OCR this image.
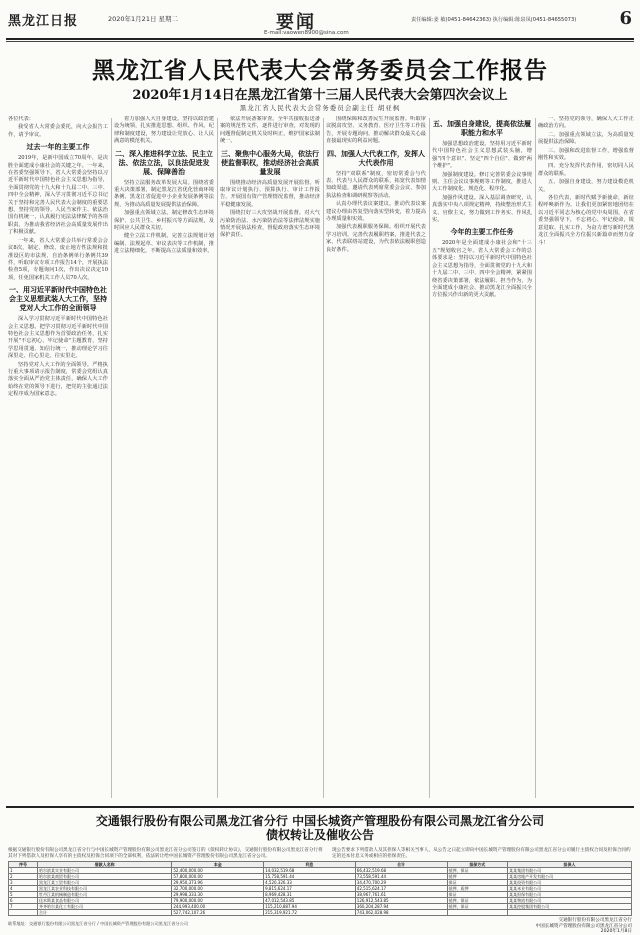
黑龙江日报	2020年1月21日 星期二	要闻
E-mail:vaowen8900@sina.com
责任编辑:姜 敏(0451-84642363) 执行编辑:陈泉凤(0451-84655073)	6
黑龙江省人民代表大会常务委员会工作报告
2020年1月14日在黑龙江省第十三届人民代表大会第四次会议上
黑龙江省人民代表大会常务委员会副主任 胡亚枫

各位代表：

我受省人大常委会委托，向大会报告工作，请予审议。

过去一年的主要工作

2019年，是新中国成立70周年，是决胜全面建成小康社会的关键之年。一年来，在省委坚强领导下，省人大常委会坚持以习近平新时代中国特色社会主义思想为指导，全面贯彻党的十九大和十九届二中、三中、四中全会精神，深入学习贯彻习近平总书记关于坚持和完善人民代表大会制度的重要思想，坚持党的领导、人民当家作主、依法治国有机统一，认真履行宪法法律赋予的各项职责，为推动我省经济社会高质量发展作出了积极贡献。

一年来，省人大常委会共举行常委会会议8次，制定、修改、废止地方性法规和批准设区的市法规、自治条例单行条例共39件，听取审议专项工作报告14个，开展执法检查5项，专题询问1次，作出决议决定10项，任免国家机关工作人员70人次。

一、用习近平新时代中国特色社会主义思想武装人大工作，坚持党对人大工作的全面领导

深入学习贯彻习近平新时代中国特色社会主义思想。把学习贯彻习近平新时代中国特色社会主义思想作为首要政治任务，扎实开展"不忘初心、牢记使命"主题教育，坚持学思用贯通、知信行统一，推动理论学习往深里走、往心里走、往实里走。

坚持党对人大工作的全面领导。严格执行重大事项请示报告制度，常委会党组认真落实全面从严治党主体责任，确保人大工作始终在党的领导下进行，把党的主张通过法定程序成为国家意志。

着力加强人大自身建设。坚持以政治建设为统领，扎实推进思想、组织、作风、纪律和制度建设，努力建设让党放心、让人民满意的模范机关。

二、深入推进科学立法、民主立法、依法立法，以良法促进发展、保障善治

坚持立法服务改革发展大局。围绕省委重大决策部署，制定黑龙江省优化营商环境条例、黑龙江省促进中小企业发展条例等法规，为推动高质量发展提供法治保障。

加强重点领域立法。制定修改生态环境保护、公共卫生、乡村振兴等方面法规，及时回应人民群众关切。

健全立法工作机制。完善立法规划计划编制、法规起草、审议表决等工作机制，推进立法精细化，不断提高立法质量和效率。

依法开展备案审查。全年共接收报送备案的规范性文件，逐件进行审查，对发现的问题督促制定机关及时纠正，维护国家法制统一。

三、聚焦中心服务大局，依法行使监督职权，推动经济社会高质量发展

围绕推动经济高质量发展开展监督。听取审议计划执行、预算执行、审计工作报告，开展国有资产管理情况监督，推动经济平稳健康发展。

围绕打好三大攻坚战开展监督。对大气污染防治法、水污染防治法等法律法规实施情况开展执法检查，督促政府落实生态环境保护责任。

围绕保障和改善民生开展监督。听取审议脱贫攻坚、义务教育、医疗卫生等工作报告，开展专题询问，推动解决群众最关心最直接最现实的利益问题。

四、加强人大代表工作，发挥人大代表作用

坚持"双联系"制度，密切常委会与代表、代表与人民群众的联系，拓宽代表知情知政渠道，邀请代表列席常委会会议、参加执法检查和调研视察等活动。

认真办理代表议案建议。推动代表议案建议办理由答复型向落实型转变，着力提高办理质量和实效。

加强代表履职服务保障。组织开展代表学习培训，完善代表履职档案，推进代表之家、代表联络站建设，为代表依法履职创造良好条件。

五、加强自身建设，提高依法履职能力和水平

加强思想政治建设。坚持用习近平新时代中国特色社会主义思想武装头脑，增强"四个意识"、坚定"四个自信"、做到"两个维护"。

加强制度建设。修订完善常委会议事规则、主任会议议事规则等工作制度，推进人大工作制度化、规范化、程序化。

加强作风建设。深入基层调查研究，认真落实中央八项规定精神，持续整治形式主义、官僚主义，努力做到工作务实、作风扎实。

今年的主要工作任务

2020年是全面建成小康社会和"十三五"规划收官之年。省人大常委会工作的总体要求是：坚持以习近平新时代中国特色社会主义思想为指导，全面贯彻党的十九大和十九届二中、三中、四中全会精神，紧紧围绕省委决策部署，依法履职、担当作为，为全面建成小康社会、推动黑龙江全面振兴全方位振兴作出新的更大贡献。

一、坚持党的领导，确保人大工作正确政治方向。

二、加强重点领域立法，为高质量发展提供法治保障。

三、加强和改进监督工作，增强监督刚性和实效。

四、充分发挥代表作用，密切同人民群众的联系。

五、加强自身建设，努力建设模范机关。

各位代表，新时代赋予新使命，新征程呼唤新作为。让我们更加紧密地团结在以习近平同志为核心的党中央周围，在省委坚强领导下，不忘初心、牢记使命，锐意进取、扎实工作，为奋力谱写新时代黑龙江全面振兴全方位振兴新篇章而努力奋斗！

交通银行股份有限公司黑龙江省分行 中国长城资产管理股份有限公司黑龙江省分公司
债权转让及催收公告
根据交通银行股份有限公司黑龙江省分行与中国长城资产管理股份有限公司黑龙江省分公司签订的《债权转让协议》，交通银行股份有限公司黑龙江省分行将其对下列借款人及担保人享有的主债权及担保合同项下的全部权利，依法转让给中国长城资产管理股份有限公司黑龙江省分公司。
现公告要求下列借款人及其担保人等相关当事人，从公告之日起立即向中国长城资产管理股份有限公司黑龙江省分公司履行主债权合同及担保合同约定的还本付息义务或相应的担保责任。
序号	借款人名称	本金	利息	合计	担保方式	担保人
1	哈尔滨某实业有限公司	52,400,000.00	14,032,519.68	66,432,519.68	抵押、保证	某某集团有限公司
2	哈尔滨某商贸有限公司	57,800,000.00	15,758,591.44	73,558,591.44	抵押	某某房地产开发有限公司
3	黑龙江某工贸有限公司	29,950,373.96	4,520,326.33	34,470,700.29	保证	某某投资有限公司
4	黑龙江某农业科技有限公司	32,700,000.00	9,815,624.17	42,515,624.17	抵押、质押	某某米业有限公司
5	牡丹江某机械制造有限公司	29,998,333.30	8,969,428.31	38,967,761.61	保证	某某担保有限公司
6	佳木斯某食品有限公司	79,900,000.00	47,012,543.85	126,912,543.85	抵押、保证	某某物流有限公司
7	齐齐哈尔某化工有限公司	244,993,400.00	115,210,887.94	360,204,287.94	抵押、保证	某某控股集团有限公司
	合计	527,742,107.26	215,319,921.72	743,062,028.98		
联系地址：交通银行股份有限公司黑龙江省分行 / 中国长城资产管理股份有限公司黑龙江省分公司
交通银行股份有限公司黑龙江省分行
中国长城资产管理股份有限公司黑龙江省分公司
2020年1月8日
